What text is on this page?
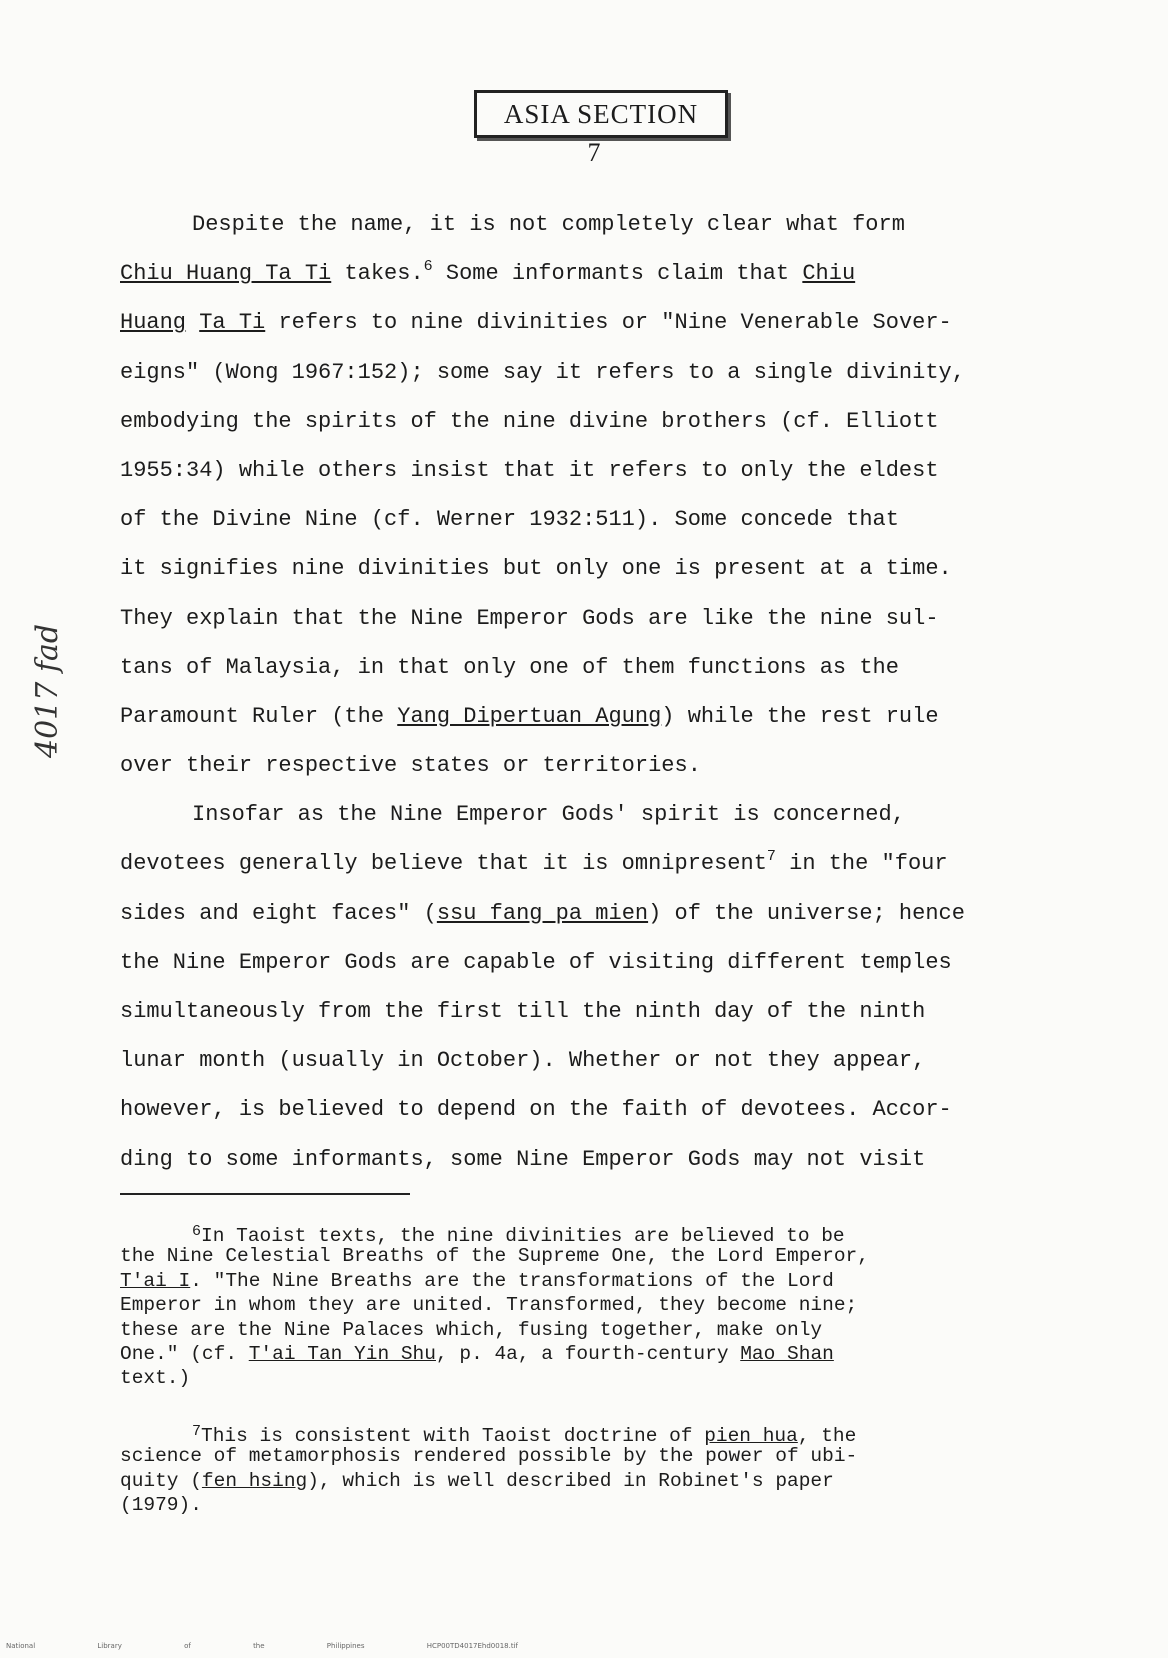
ASIA SECTION
7
4017 fad
Despite the name, it is not completely clear what form
Chiu Huang Ta Ti takes.$^6$ Some informants claim that Chiu
Huang Ta Ti refers to nine divinities or "Nine Venerable Sover-
eigns" (Wong 1967:152); some say it refers to a single divinity,
embodying the spirits of the nine divine brothers (cf. Elliott
1955:34) while others insist that it refers to only the eldest
of the Divine Nine (cf. Werner 1932:511). Some concede that
it signifies nine divinities but only one is present at a time.
They explain that the Nine Emperor Gods are like the nine sul-
tans of Malaysia, in that only one of them functions as the
Paramount Ruler (the Yang Dipertuan Agung) while the rest rule
over their respective states or territories.
Insofar as the Nine Emperor Gods' spirit is concerned,
devotees generally believe that it is omnipresent$^7$ in the "four
sides and eight faces" (ssu fang pa mien) of the universe; hence
the Nine Emperor Gods are capable of visiting different temples
simultaneously from the first till the ninth day of the ninth
lunar month (usually in October). Whether or not they appear,
however, is believed to depend on the faith of devotees. Accor-
ding to some informants, some Nine Emperor Gods may not visit
$^6$In Taoist texts, the nine divinities are believed to be
the Nine Celestial Breaths of the Supreme One, the Lord Emperor,
T'ai I. "The Nine Breaths are the transformations of the Lord
Emperor in whom they are united. Transformed, they become nine;
these are the Nine Palaces which, fusing together, make only
One." (cf. T'ai Tan Yin Shu, p. 4a, a fourth-century Mao Shan
text.)
$^7$This is consistent with Taoist doctrine of pien hua, the
science of metamorphosis rendered possible by the power of ubi-
quity (fen hsing), which is well described in Robinet's paper
(1979).
National Library of the Philippines	HCP00TD4017Ehd0018.tif
